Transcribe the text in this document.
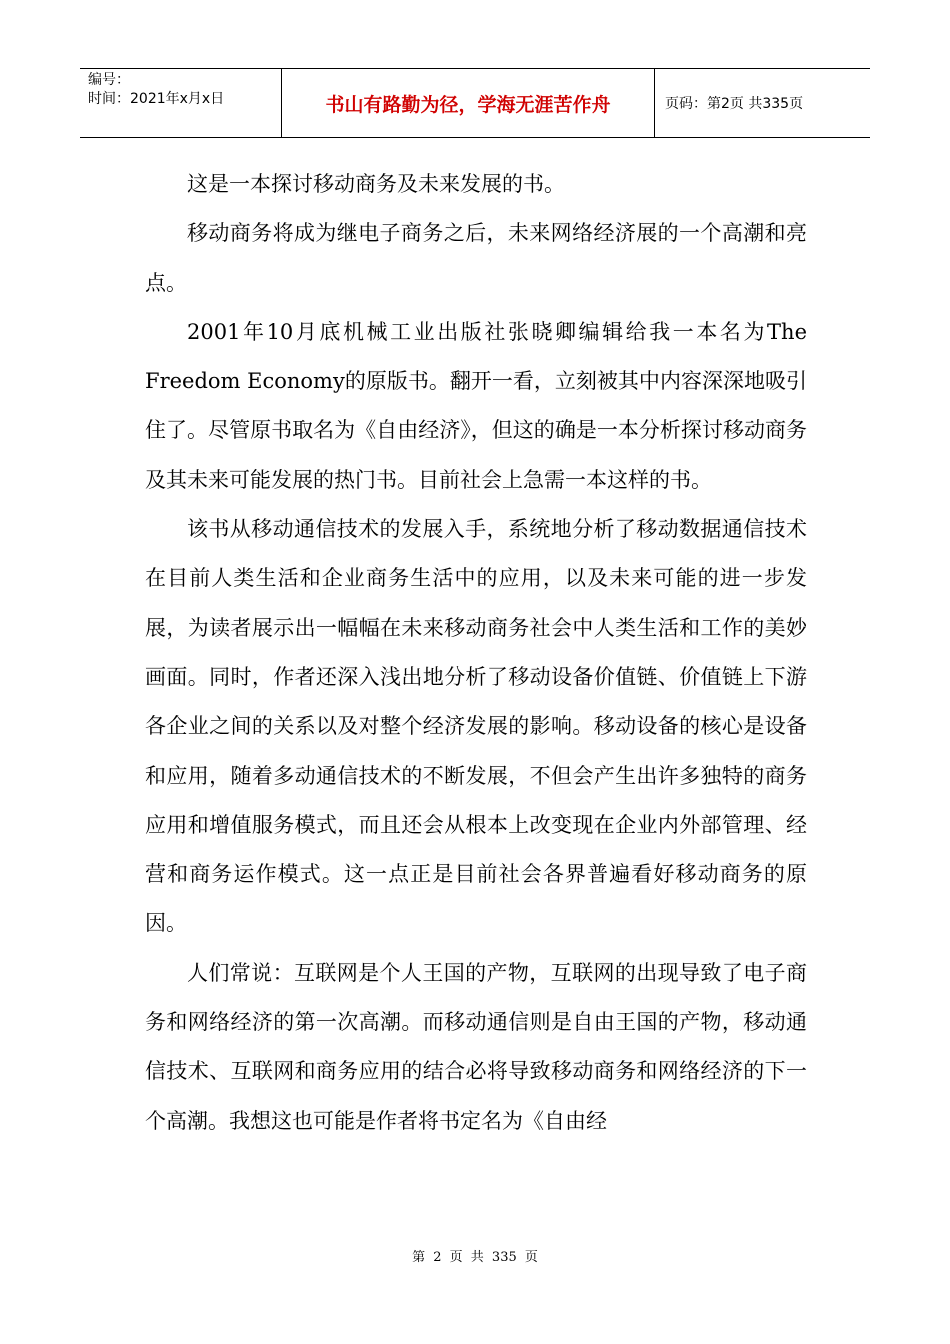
编号：
时间：2021年x月x日	书山有路勤为径，学海无涯苦作舟	页码：第2页 共335页

这是一本探讨移动商务及未来发展的书。

移动商务将成为继电子商务之后，未来网络经济展的一个高潮和亮点。

2001年10月底机械工业出版社张晓卿编辑给我一本名为The Freedom Economy的原版书。翻开一看，立刻被其中内容深深地吸引住了。尽管原书取名为《自由经济》，但这的确是一本分析探讨移动商务及其未来可能发展的热门书。目前社会上急需一本这样的书。

该书从移动通信技术的发展入手，系统地分析了移动数据通信技术在目前人类生活和企业商务生活中的应用，以及未来可能的进一步发展，为读者展示出一幅幅在未来移动商务社会中人类生活和工作的美妙画面。同时，作者还深入浅出地分析了移动设备价值链、价值链上下游各企业之间的关系以及对整个经济发展的影响。移动设备的核心是设备和应用，随着多动通信技术的不断发展，不但会产生出许多独特的商务应用和增值服务模式，而且还会从根本上改变现在企业内外部管理、经营和商务运作模式。这一点正是目前社会各界普遍看好移动商务的原因。

人们常说：互联网是个人王国的产物，互联网的出现导致了电子商务和网络经济的第一次高潮。而移动通信则是自由王国的产物，移动通信技术、互联网和商务应用的结合必将导致移动商务和网络经济的下一个高潮。我想这也可能是作者将书定名为《自由经

第 2 页 共 335 页
